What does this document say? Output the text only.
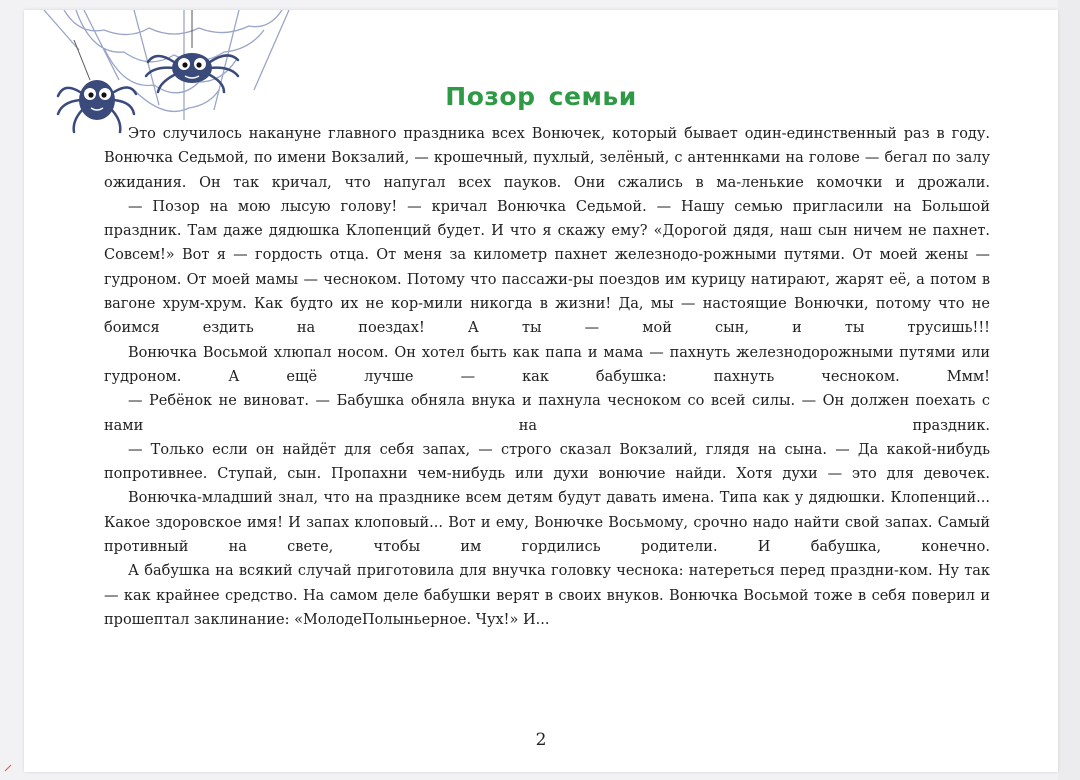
Позор семьи

Это случилось накануне главного праздника всех Вонючек, который бывает один-единственный раз в году. Вонючка Седьмой, по имени Вокзалий, — крошечный, пухлый, зелёный, с антеннками на голове — бегал по залу ожидания. Он так кричал, что напугал всех пауков. Они сжались в ма-ленькие комочки и дрожали.

— Позор на мою лысую голову! — кричал Вонючка Седьмой. — Нашу семью пригласили на Большой праздник. Там даже дядюшка Клопенций будет. И что я скажу ему? «Дорогой дядя, наш сын ничем не пахнет. Совсем!» Вот я — гордость отца. От меня за километр пахнет железнодо-рожными путями. От моей жены — гудроном. От моей мамы — чесноком. Потому что пассажи-ры поездов им курицу натирают, жарят её, а потом в вагоне хрум-хрум. Как будто их не кор-мили никогда в жизни! Да, мы — настоящие Вонючки, потому что не боимся ездить на поездах! А ты — мой сын, и ты трусишь!!!

Вонючка Восьмой хлюпал носом. Он хотел быть как папа и мама — пахнуть железнодорожными путями или гудроном. А ещё лучше — как бабушка: пахнуть чесноком. Ммм!

— Ребёнок не виноват. — Бабушка обняла внука и пахнула чесноком со всей силы. — Он должен поехать с нами на праздник.

— Только если он найдёт для себя запах, — строго сказал Вокзалий, глядя на сына. — Да какой-нибудь попротивнее. Ступай, сын. Пропахни чем-нибудь или духи вонючие найди. Хотя духи — это для девочек.

Вонючка-младший знал, что на празднике всем детям будут давать имена. Типа как у дядюшки. Клопенций... Какое здоровское имя! И запах клоповый... Вот и ему, Вонючке Восьмому, срочно надо найти свой запах. Самый противный на свете, чтобы им гордились родители. И бабушка, конечно.

А бабушка на всякий случай приготовила для внучка головку чеснока: натереться перед праздни-ком. Ну так — как крайнее средство. На самом деле бабушки верят в своих внуков. Вонючка Восьмой тоже в себя поверил и прошептал заклинание: «МолодеПолыньерное. Чух!» И...

2
